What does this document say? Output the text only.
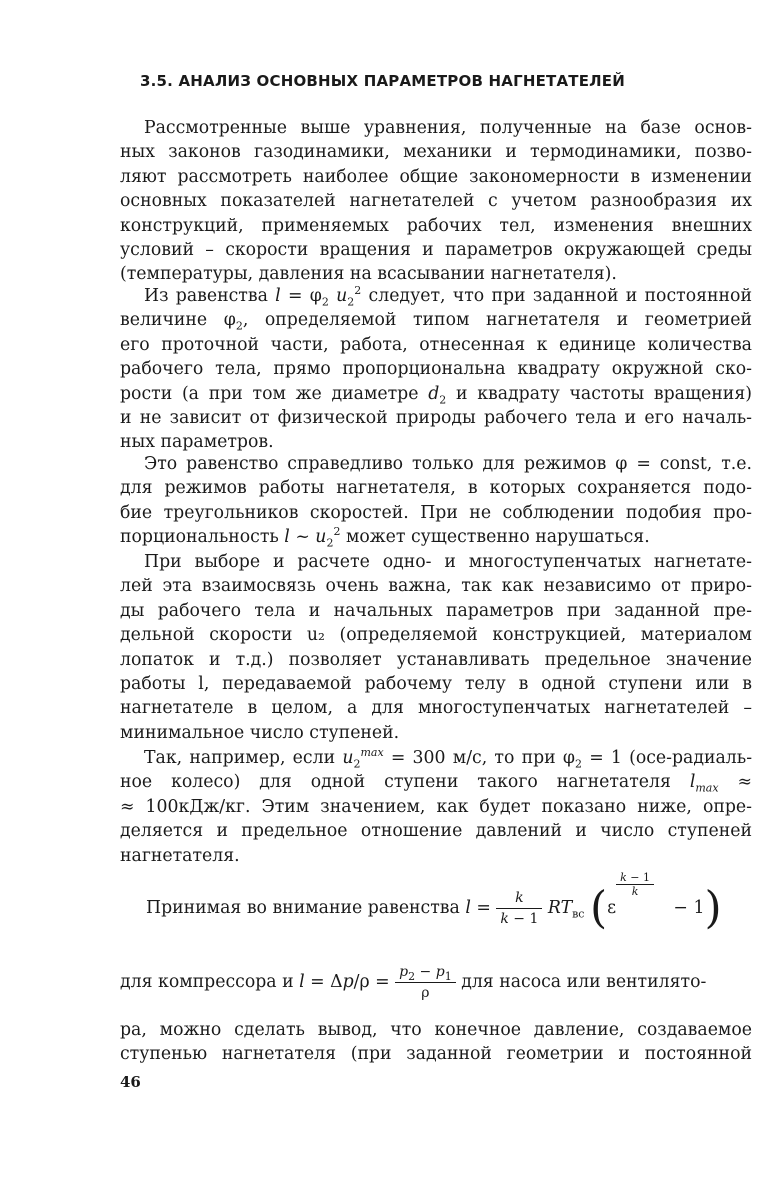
3.5. АНАЛИЗ ОСНОВНЫХ ПАРАМЕТРОВ НАГНЕТАТЕЛЕЙ
Рассмотренные выше уравнения, полученные на базе основ-
ных законов газодинамики, механики и термодинамики, позво-
ляют рассмотреть наиболее общие закономерности в изменении
основных показателей нагнетателей с учетом разнообразия их
конструкций, применяемых рабочих тел, изменения внешних
условий – скорости вращения и параметров окружающей среды
(температуры, давления на всасывании нагнетателя).
Из равенства $l = \varphi_2$ $u_2^2$ следует, что при заданной и постоянной
величине $\varphi_2$, определяемой типом нагнетателя и геометрией
его проточной части, работа, отнесенная к единице количества
рабочего тела, прямо пропорциональна квадрату окружной ско-
рости (а при том же диаметре $d_2$ и квадрату частоты вращения)
и не зависит от физической природы рабочего тела и его началь-
ных параметров.
Это равенство справедливо только для режимов φ = const, т.е.
для режимов работы нагнетателя, в которых сохраняется подо-
бие треугольников скоростей. При не соблюдении подобия про-
порциональность l ~ $u_2^2$ может существенно нарушаться.
При выборе и расчете одно- и многоступенчатых нагнетате-
лей эта взаимосвязь очень важна, так как независимо от приро-
ды рабочего тела и начальных параметров при заданной пре-
дельной скорости u₂ (определяемой конструкцией, материалом
лопаток и т.д.) позволяет устанавливать предельное значение
работы l, передаваемой рабочему телу в одной ступени или в
нагнетателе в целом, а для многоступенчатых нагнетателей –
минимальное число ступеней.
Так, например, если $u_2^{max} = 300$ м/с, то при $\varphi_2 = 1$ (осе-радиаль-
ное колесо) для одной ступени такого нагнетателя $l_{max}$ ≈
≈ 100кДж/кг. Этим значением, как будет показано ниже, опре-
деляется и предельное отношение давлений и число ступеней
нагнетателя.
Принимая во внимание равенства $l = \frac{k}{k - 1} RT_{вс}$ (ε
$^{\frac{k - 1}{k}}$
− 1)
для компрессора и $l = \Delta p/\rho = \frac{p_2 - p_1}{\rho}$ для насоса или вентилято-
ра, можно сделать вывод, что конечное давление, создаваемое
ступенью нагнетателя (при заданной геометрии и постоянной
46
